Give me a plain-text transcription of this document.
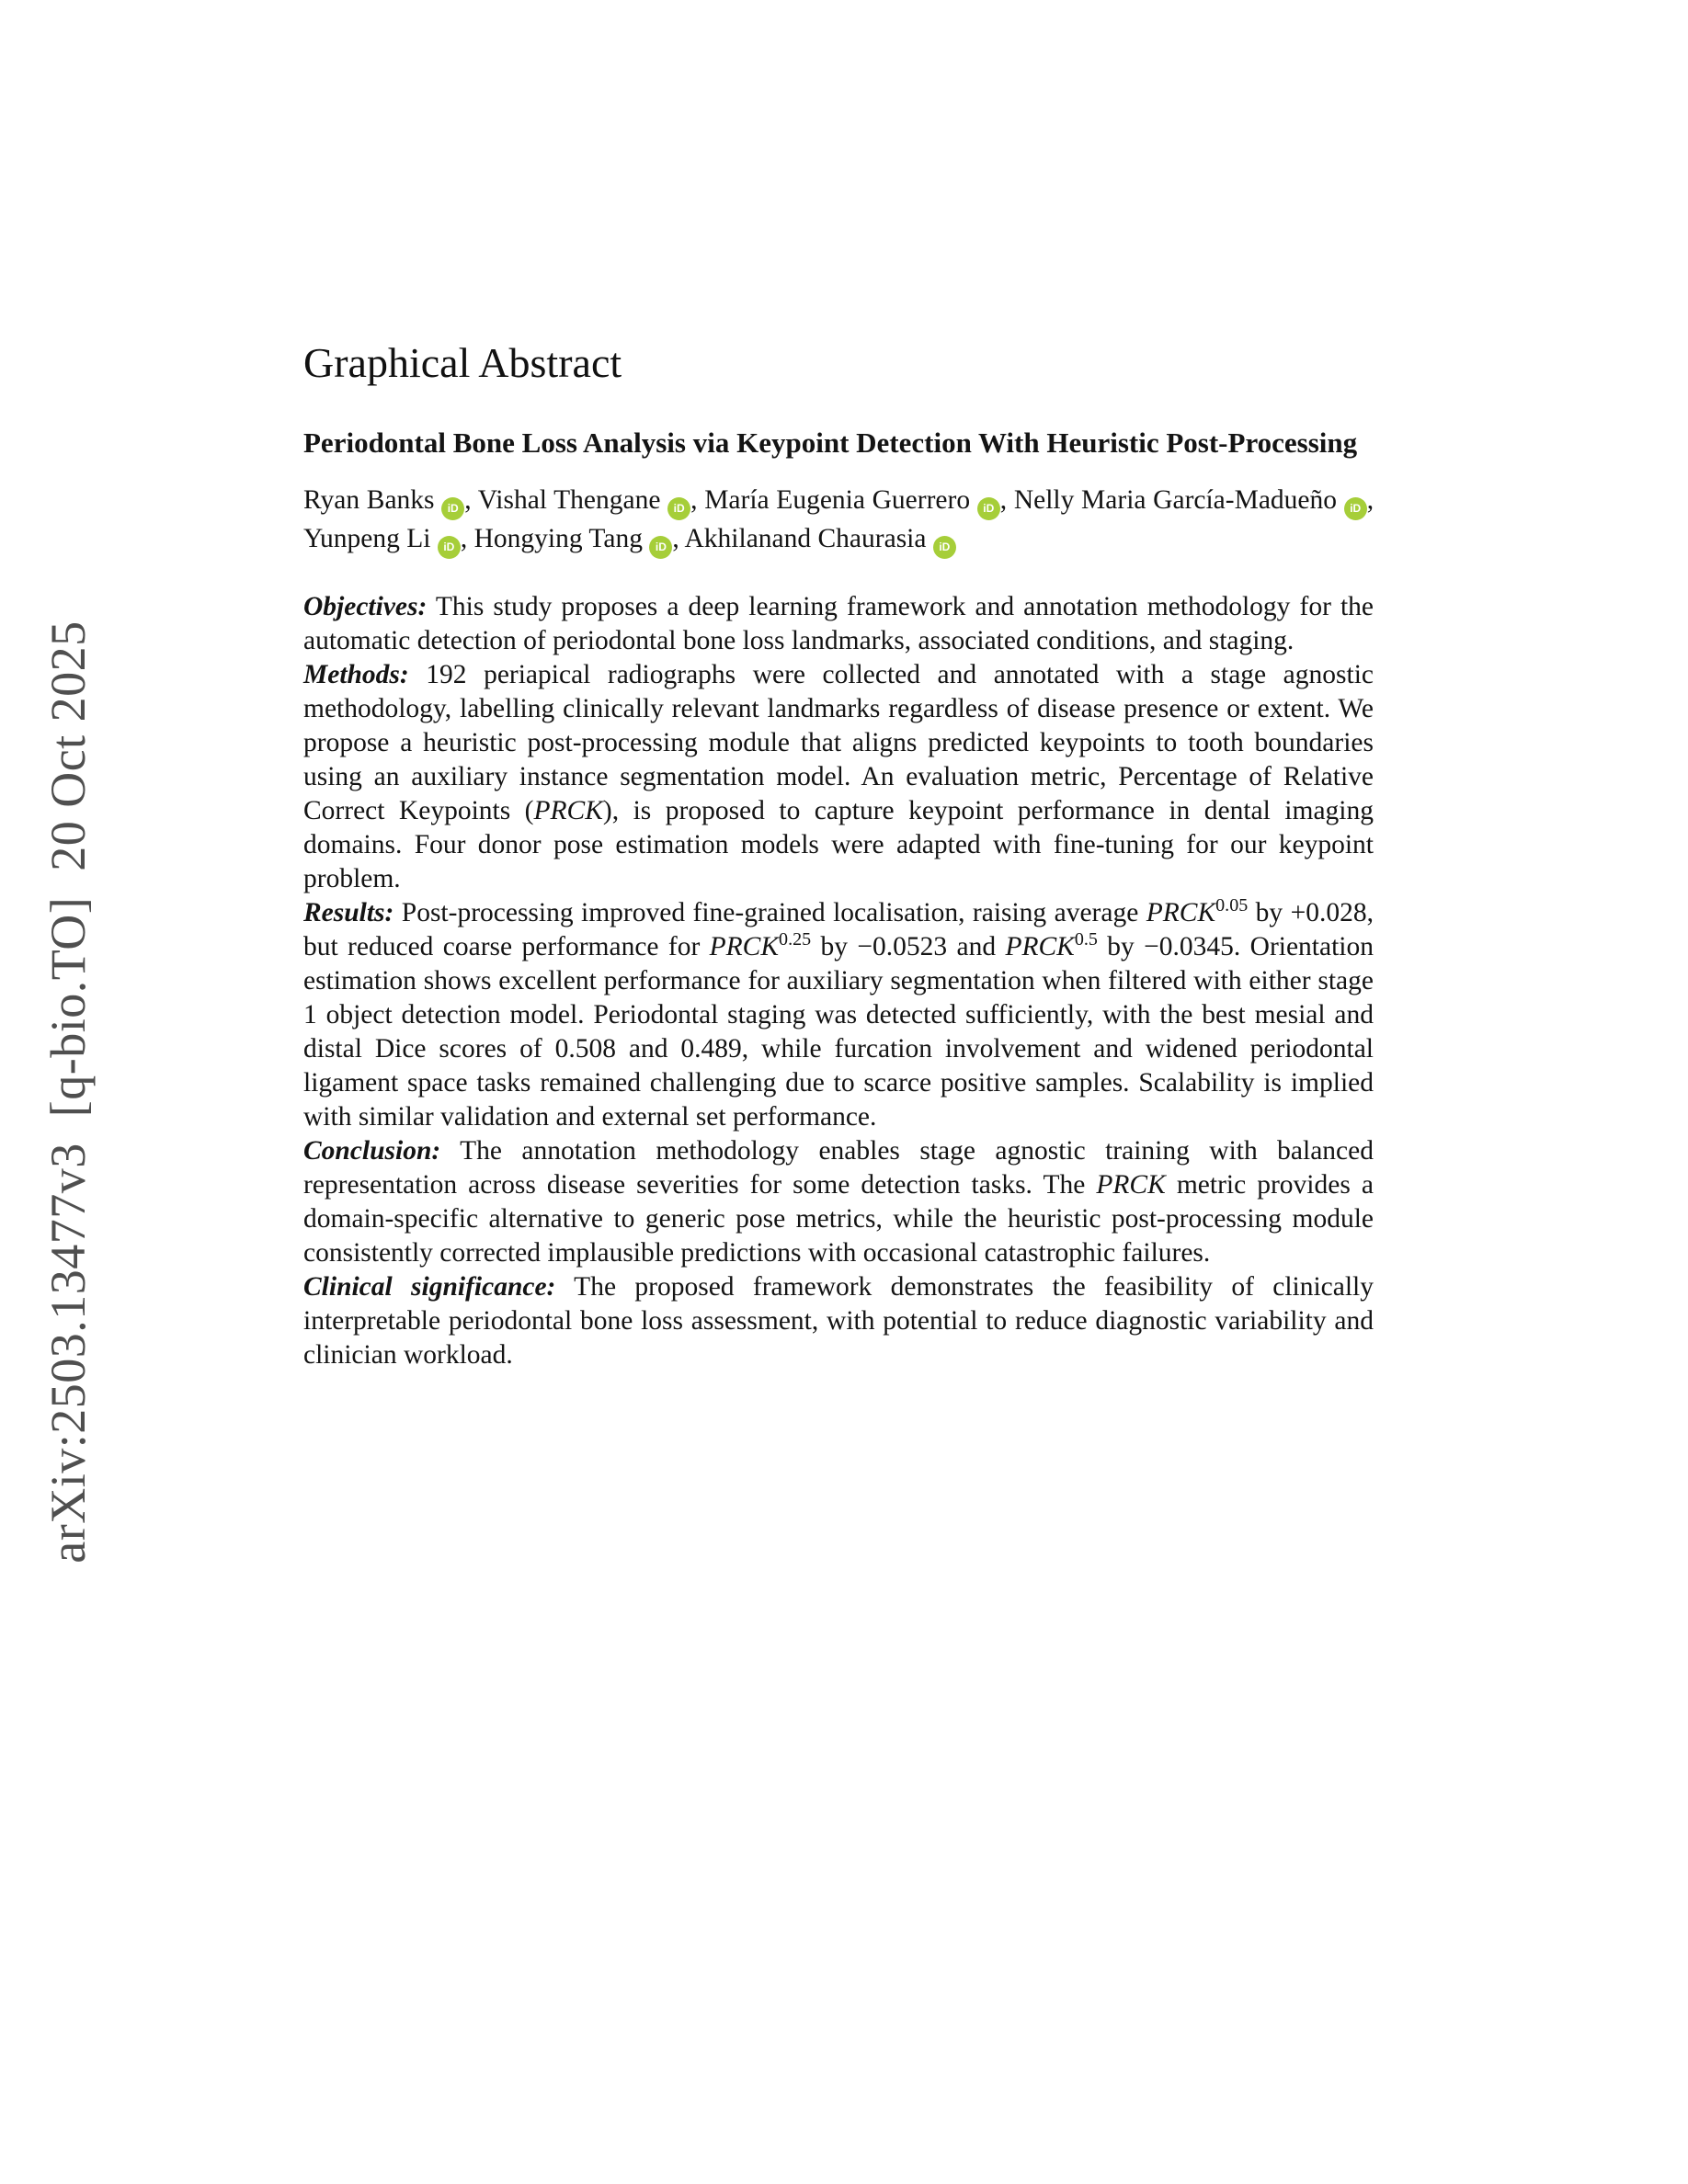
arXiv:2503.13477v3  [q-bio.TO]  20 Oct 2025
Graphical Abstract
Periodontal Bone Loss Analysis via Keypoint Detection With Heuristic Post-Processing

Ryan Banks iD , Vishal Thengane iD , María Eugenia Guerrero iD , Nelly Maria García-Madueño iD , Yunpeng Li iD , Hongying Tang iD , Akhilanand Chaurasia iD

Objectives: This study proposes a deep learning framework and annotation methodology for the automatic detection of periodontal bone loss landmarks, associated conditions, and staging.

Methods: 192 periapical radiographs were collected and annotated with a stage agnostic methodology, labelling clinically relevant landmarks regardless of disease presence or extent. We propose a heuristic post-processing module that aligns predicted keypoints to tooth boundaries using an auxiliary instance segmentation model. An evaluation metric, Percentage of Relative Correct Keypoints (PRCK), is proposed to capture keypoint performance in dental imaging domains. Four donor pose estimation models were adapted with fine-tuning for our keypoint problem.

Results: Post-processing improved fine-grained localisation, raising average $PRCK^{0.05}$ by +0.028, but reduced coarse performance for $PRCK^{0.25}$ by −0.0523 and $PRCK^{0.5}$ by −0.0345. Orientation estimation shows excellent performance for auxiliary segmentation when filtered with either stage 1 object detection model. Periodontal staging was detected sufficiently, with the best mesial and distal Dice scores of 0.508 and 0.489, while furcation involvement and widened periodontal ligament space tasks remained challenging due to scarce positive samples. Scalability is implied with similar validation and external set performance.

Conclusion: The annotation methodology enables stage agnostic training with balanced representation across disease severities for some detection tasks. The PRCK metric provides a domain-specific alternative to generic pose metrics, while the heuristic post-processing module consistently corrected implausible predictions with occasional catastrophic failures.

Clinical significance: The proposed framework demonstrates the feasibility of clinically interpretable periodontal bone loss assessment, with potential to reduce diagnostic variability and clinician workload.
